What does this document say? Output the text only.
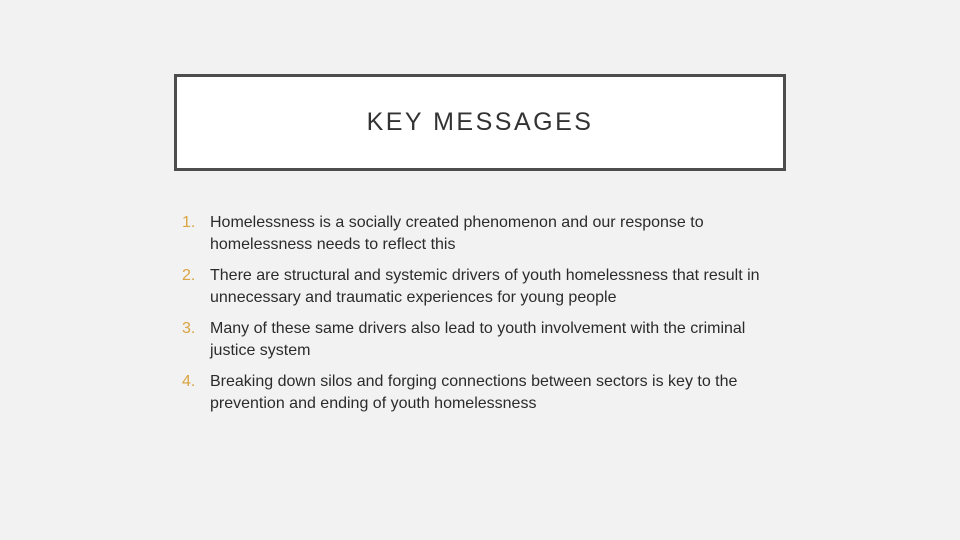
KEY MESSAGES
1. Homelessness is a socially created phenomenon and our response to homelessness needs to reflect this
2. There are structural and systemic drivers of youth homelessness that result in unnecessary and traumatic experiences for young people
3. Many of these same drivers also lead to youth involvement with the criminal justice system
4. Breaking down silos and forging connections between sectors is key to the prevention and ending of youth homelessness
